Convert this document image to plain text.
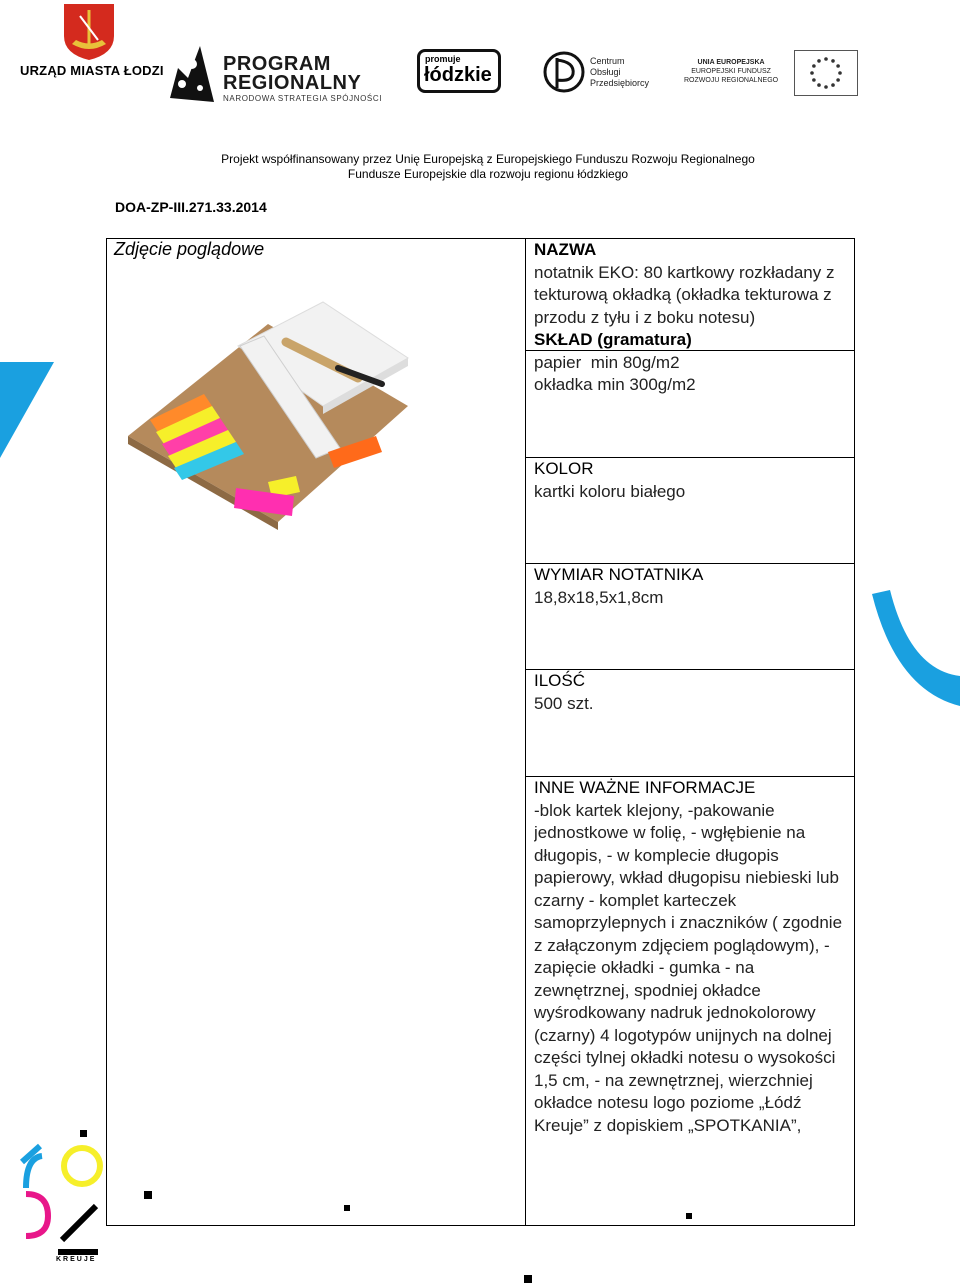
URZĄD MIASTA ŁODZI	PROGRAM
REGIONALNY
NARODOWA STRATEGIA SPÓJNOŚCI
promuje
łódzkie
Centrum
Obsługi
Przedsiębiorcy
UNIA EUROPEJSKA
EUROPEJSKI FUNDUSZ
ROZWOJU REGIONALNEGO
Projekt współfinansowany przez Unię Europejską z Europejskiego Funduszu Rozwoju Regionalnego
Fundusze Europejskie dla rozwoju regionu łódzkiego
DOA-ZP-III.271.33.2014
Zdjęcie poglądowe	NAZWA
notatnik EKO: 80 kartkowy rozkładany z tekturową okładką (okładka tekturowa z przodu z tyłu i z boku notesu)
SKŁAD (gramatura)
papier  min 80g/m2
okładka min 300g/m2
KOLOR
kartki koloru białego
WYMIAR NOTATNIKA
18,8x18,5x1,8cm
ILOŚĆ
500 szt.
INNE WAŻNE INFORMACJE
-blok kartek klejony, -pakowanie jednostkowe w folię, - wgłębienie na długopis, - w komplecie długopis papierowy, wkład długopisu niebieski lub czarny - komplet karteczek samoprzylepnych i znaczników ( zgodnie z załączonym zdjęciem poglądowym), - zapięcie okładki - gumka - na zewnętrznej, spodniej okładce wyśrodkowany nadruk jednokolorowy (czarny) 4 logotypów unijnych na dolnej części tylnej okładki notesu o wysokości 1,5 cm, - na zewnętrznej, wierzchniej okładce notesu logo poziome „Łódź Kreuje” z dopiskiem „SPOTKANIA”,
KREUJE
